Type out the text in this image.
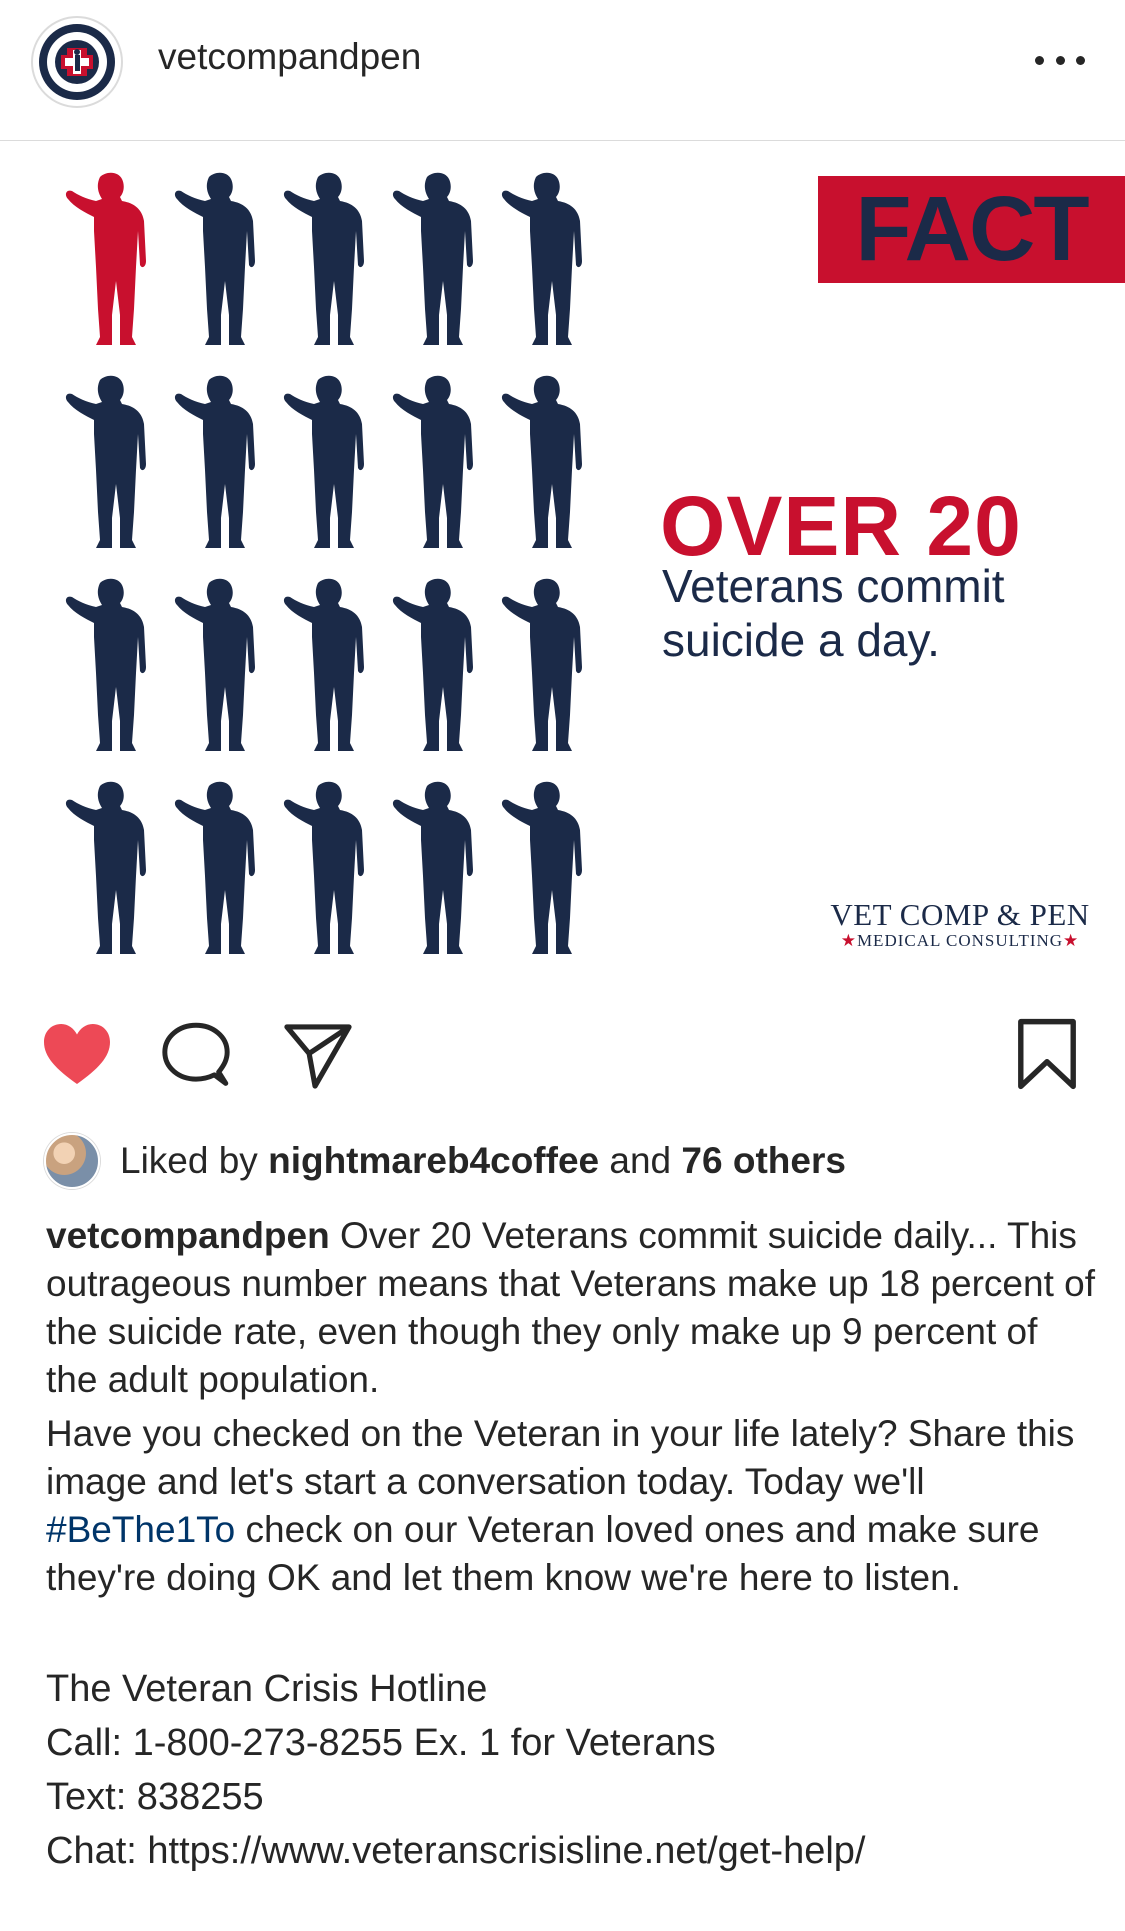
vetcompandpen
FACT
OVER 20
Veterans commit
suicide a day.
VET COMP & PEN
★MEDICAL CONSULTING★
Liked by
nightmareb4coffee
and
76 others

vetcompandpen Over 20 Veterans commit suicide daily... This outrageous number means that Veterans make up 18 percent of the suicide rate, even though they only make up 9 percent of the adult population.

Have you checked on the Veteran in your life lately? Share this image and let's start a conversation today. Today we'll #BeThe1To check on our Veteran loved ones and make sure they're doing OK and let them know we're here to listen.

The Veteran Crisis Hotline
Call: 1-800-273-8255 Ex. 1 for Veterans
Text: 838255
Chat: https://www.veteranscrisisline.net/get-help/
